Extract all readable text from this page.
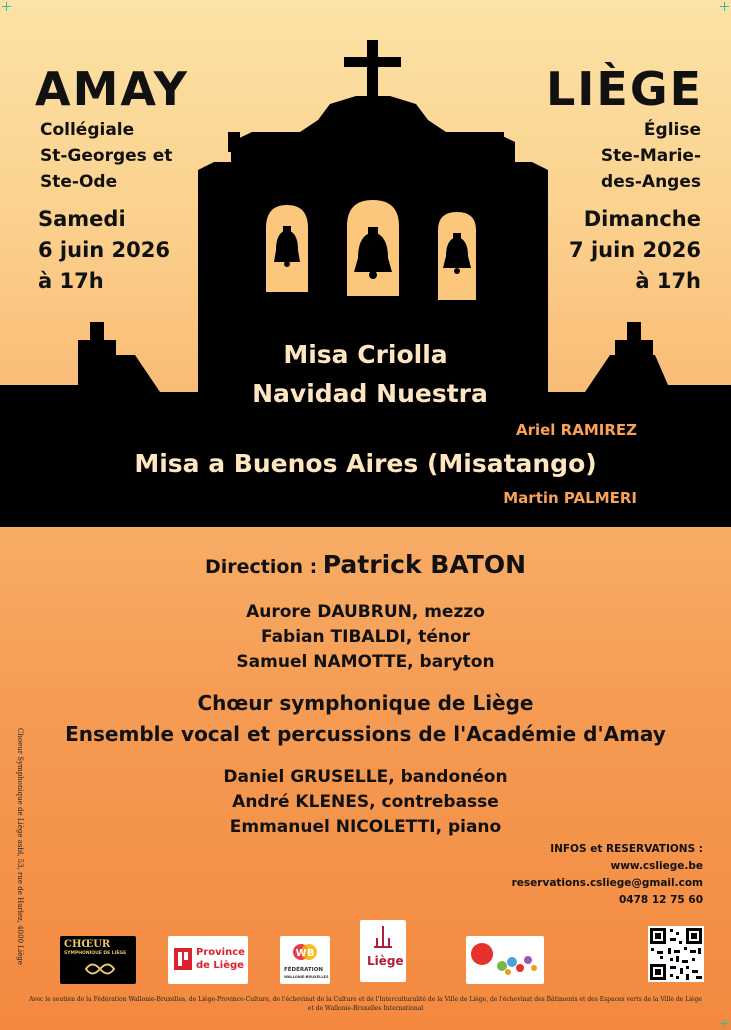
AMAY
Collégiale
St-Georges et
Ste-Ode
Samedi
6 juin 2026
à 17h
LIÈGE
Église
Ste-Marie-
des-Anges
Dimanche
7 juin 2026
à 17h
Misa Criolla
Navidad Nuestra
Ariel RAMIREZ
Misa a Buenos Aires (Misatango)
Martin PALMERI
Direction : Patrick BATON
Aurore DAUBRUN, mezzo
Fabian TIBALDI, ténor
Samuel NAMOTTE, baryton
Chœur symphonique de Liège
Ensemble vocal et percussions de l'Académie d'Amay
Daniel GRUSELLE, bandonéon
André KLENES, contrebasse
Emmanuel NICOLETTI, piano
INFOS et RESERVATIONS :
www.csliege.be
reservations.csliege@gmail.com
0478 12 75 60
Choeur Symphonique de Liège asbl, 53, rue de Harlez, 4000 Liège	CHŒUR
SYMPHONIQUE DE LIÈGE	Province
de Liège
WB
FÉDÉRATION
WALLONIE-BRUXELLES
Liège
Avec le soutien de la Fédération Wallonie-Bruxelles, de Liège-Province-Culture, de l'échevinat de la Culture et de l'Interculturalité de la Ville de Liège, de l'échevinat des Bâtiments et des Espaces verts de la Ville de Liège
et de Wallonie-Bruxelles International
